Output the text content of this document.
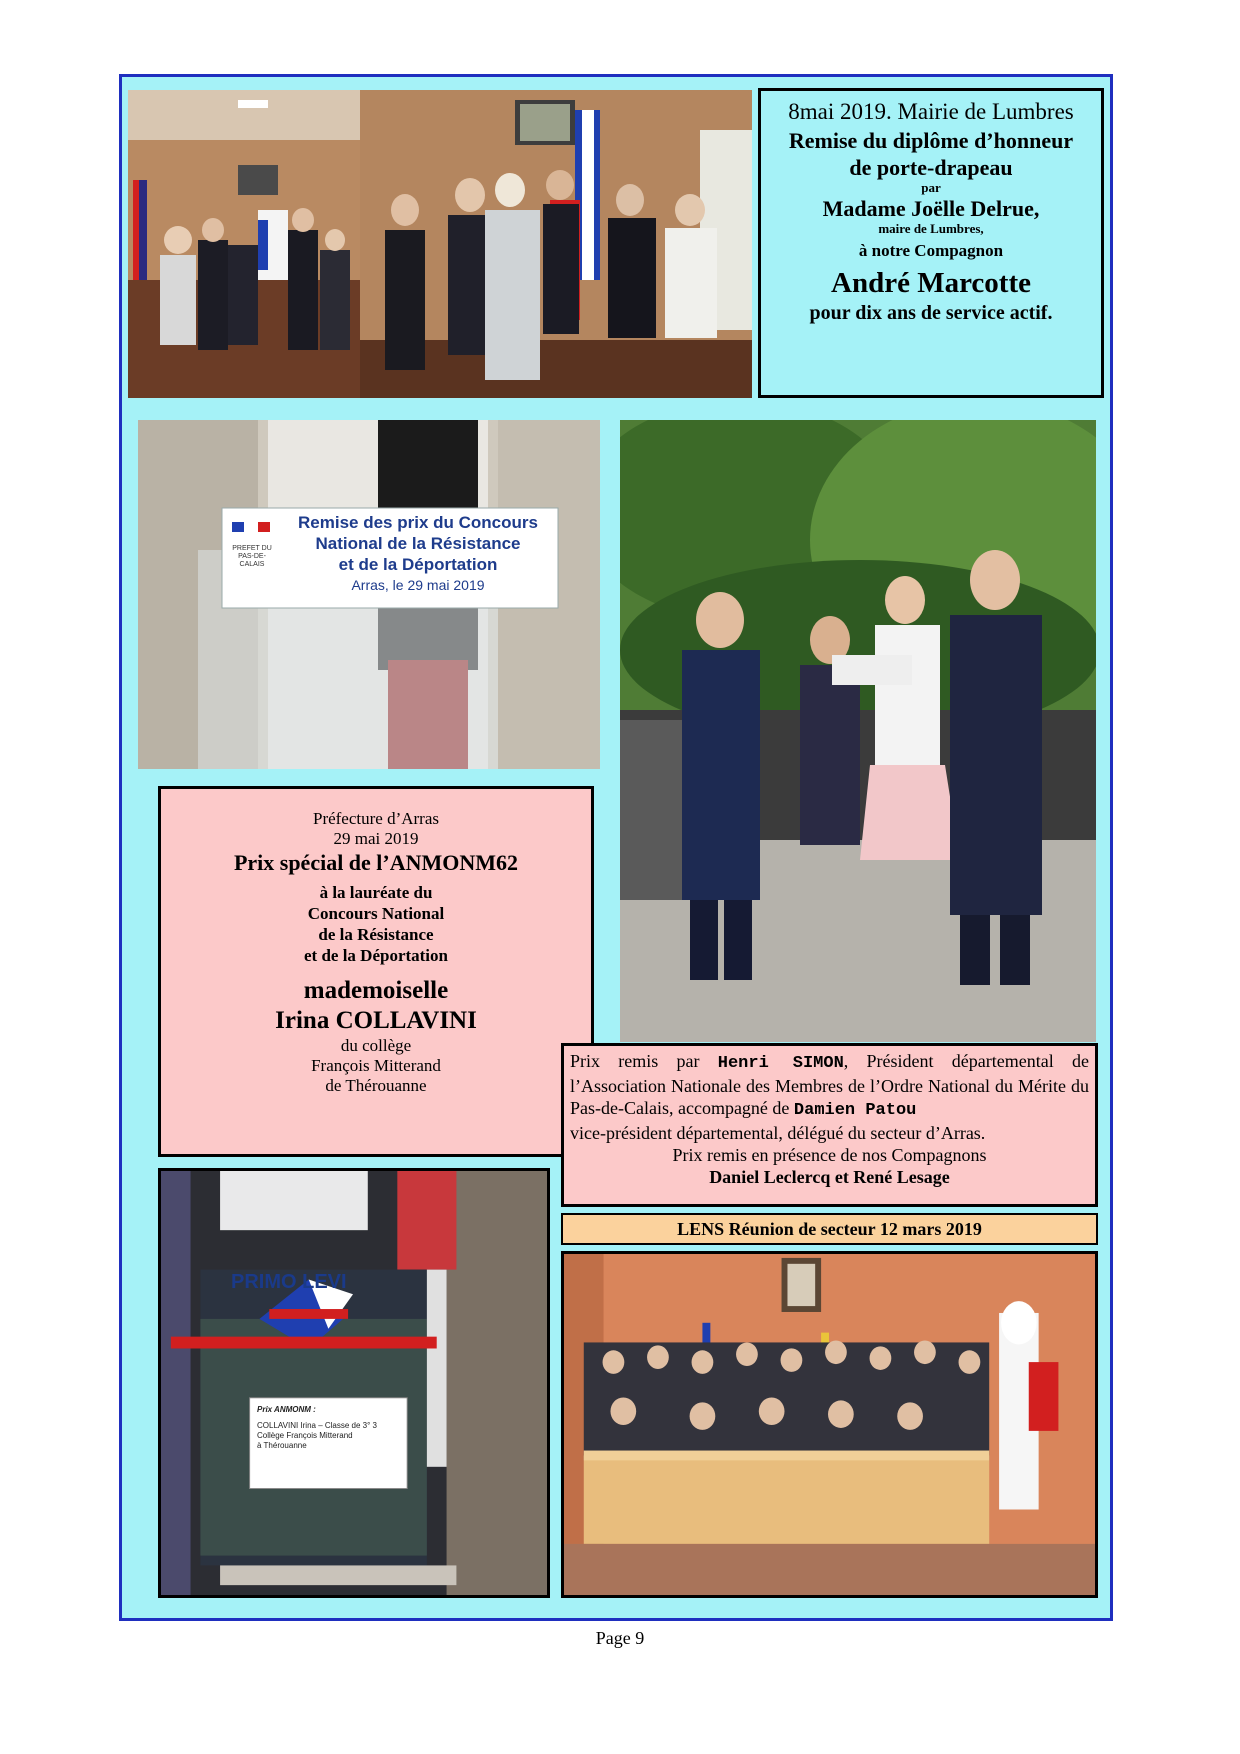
8mai 2019. Mairie de Lumbres
Remise du diplôme d’honneur
de porte-drapeau
par
Madame Joëlle Delrue,
maire de Lumbres,
à notre Compagnon
André Marcotte
pour dix ans de service actif.
PREFET DU PAS-DE-CALAIS
Remise des prix du Concours
National de la Résistance
et de la Déportation
Arras, le 29 mai 2019
Préfecture d’Arras
29 mai 2019
Prix spécial de l’ANMONM62
à la lauréate du
Concours National
de la Résistance
et de la Déportation
mademoiselle
Irina COLLAVINI
du collège
François Mitterand
de Thérouanne
Prix remis par Henri SIMON, Président départemental de l’Association Nationale des Membres de l’Ordre National du Mérite du Pas-de-Calais, accompagné de Damien Patou
vice-président départemental, délégué du secteur d’Arras.
Prix remis en présence de nos Compagnons
Daniel Leclercq et René Lesage
PRIMO LEVI
Prix ANMONM :
COLLAVINI Irina – Classe de 3° 3
Collège François Mitterand
à Thérouanne
LENS Réunion de secteur 12 mars 2019
Page 9
